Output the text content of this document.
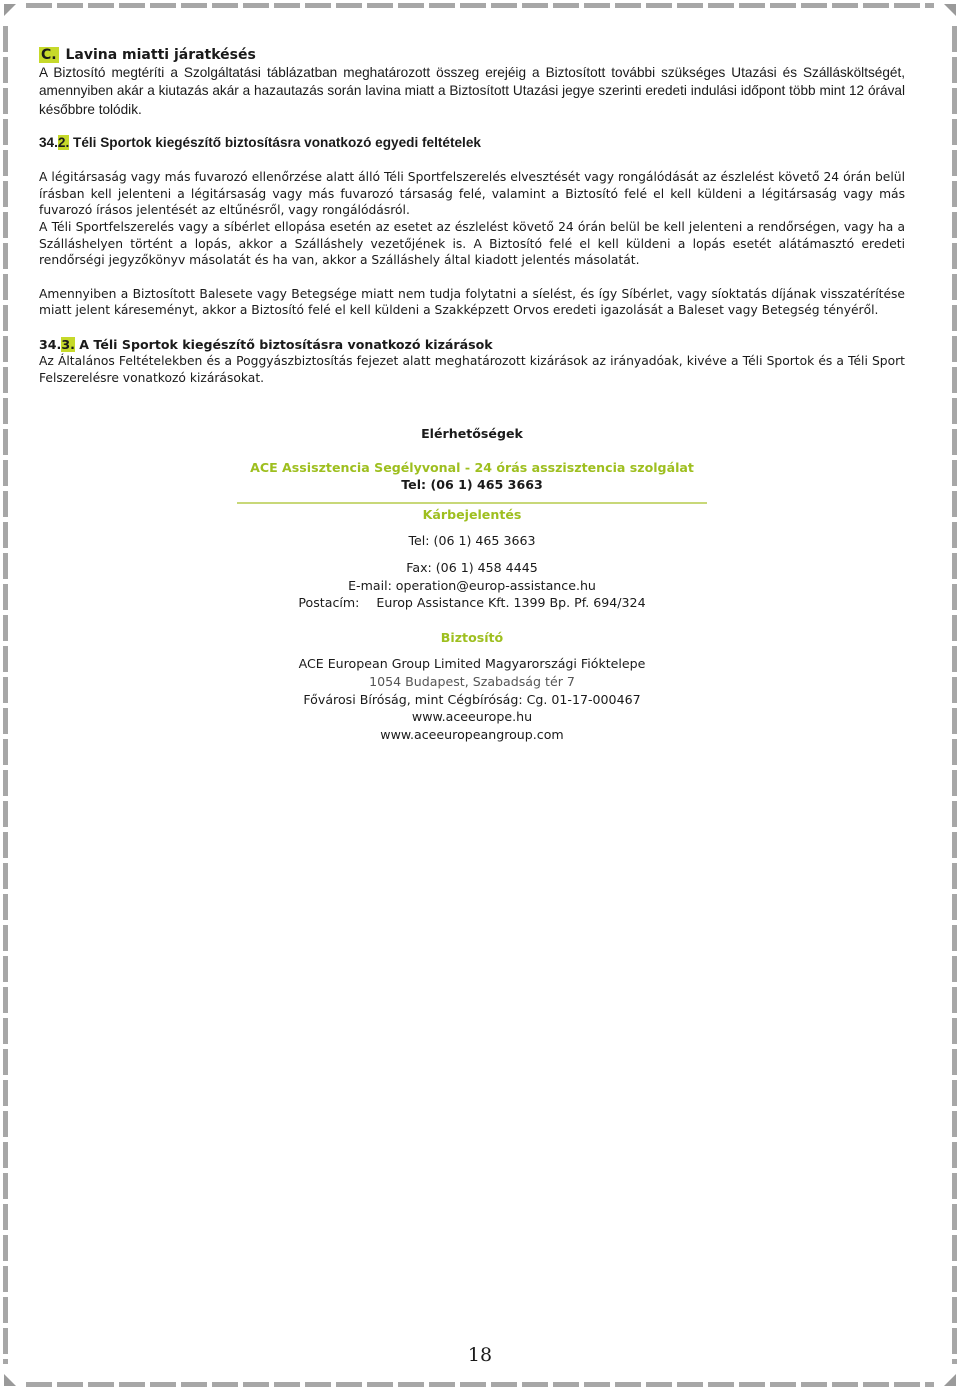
C. Lavina miatti járatkésés

A Biztosító megtéríti a Szolgáltatási táblázatban meghatározott összeg erejéig a Biztosított további szükséges Utazási és Szállásköltségét, amennyiben akár a kiutazás akár a hazautazás során lavina miatt a Biztosított Utazási jegye szerinti eredeti indulási időpont több mint 12 órával későbbre tolódik.

34.2. Téli Sportok kiegészítő biztosításra vonatkozó egyedi feltételek

A légitársaság vagy más fuvarozó ellenőrzése alatt álló Téli Sportfelszerelés elvesztését vagy rongálódását az észlelést követő 24 órán belül írásban kell jelenteni a légitársaság vagy más fuvarozó társaság felé, valamint a Biztosító felé el kell küldeni a légitársaság vagy más fuvarozó írásos jelentését az eltűnésről, vagy rongálódásról.

A Téli Sportfelszerelés vagy a síbérlet ellopása esetén az esetet az észlelést követő 24 órán belül be kell jelenteni a rendőrségen, vagy ha a Szálláshelyen történt a lopás, akkor a Szálláshely vezetőjének is. A Biztosító felé el kell küldeni a lopás esetét alátámasztó eredeti rendőrségi jegyzőkönyv másolatát és ha van, akkor a Szálláshely által kiadott jelentés másolatát.

Amennyiben a Biztosított Balesete vagy Betegsége miatt nem tudja folytatni a síelést, és így Síbérlet, vagy síoktatás díjának visszatérítése miatt jelent káreseményt, akkor a Biztosító felé el kell küldeni a Szakképzett Orvos eredeti igazolását a Baleset vagy Betegség tényéről.

34.3. A Téli Sportok kiegészítő biztosításra vonatkozó kizárások

Az Általános Feltételekben és a Poggyászbiztosítás fejezet alatt meghatározott kizárások az irányadóak, kivéve a Téli Sportok és a Téli Sport Felszerelésre vonatkozó kizárásokat.

Elérhetőségek
ACE Assisztencia Segélyvonal - 24 órás asszisztencia szolgálat
Tel: (06 1) 465 3663
Kárbejelentés
Tel: (06 1) 465 3663
Fax: (06 1) 458 4445
E-mail: operation@europ-assistance.hu
Postacím: Europ Assistance Kft. 1399 Bp. Pf. 694/324
Biztosító
ACE European Group Limited Magyarországi Fióktelepe
1054 Budapest, Szabadság tér 7
Fővárosi Bíróság, mint Cégbíróság: Cg. 01-17-000467
www.aceeurope.hu
www.aceeuropeangroup.com
18
